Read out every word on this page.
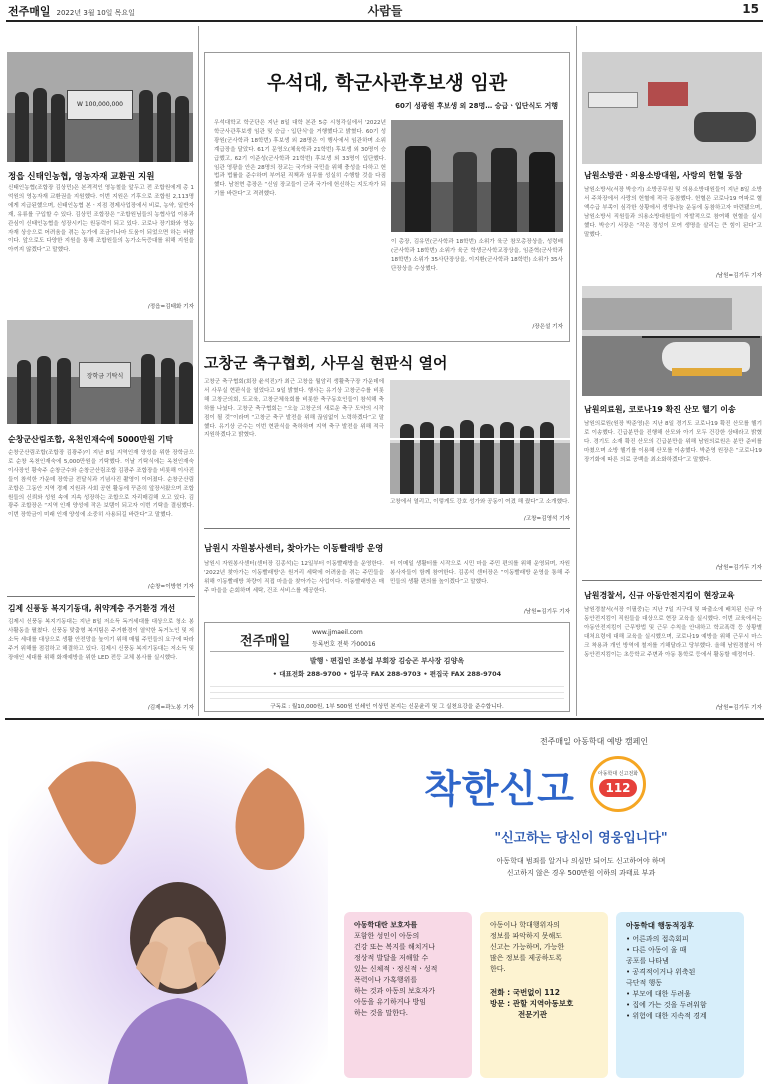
전주매일 2022년 3월 10일 목요일	사람들	15
W 100,000,000
정읍 신태인농협, 영농자재 교환권 지원
신태인농협(조합장 김상민)은 본격적인 영농철을 앞두고 전 조합원에게 총 1억원의 영농자재 교환권을 지원했다. 이번 지원은 기후으로 조합원 2,113명에게 지급된했으며, 신태인농협 본ㆍ지점 경제사업장에서 비료, 농약, 일반자재, 유류를 구입할 수 있다. 김상민 조합장은 “조합원님들의 농협사업 이용과 관심이 신태인농협을 성장시키는 원동력이 되고 있다. 코로나 장기화와 영농자재 상승으로 어려움을 겪는 농가에 조금이나마 도움이 되었으면 하는 바람이다. 앞으로도 다양한 지원을 통해 조합원들의 농가소득증대를 위해 지원을 아끼지 않겠다”고 말했다.
/정읍=김태화 기자
장학금 기탁식
순창군산림조합, 옥천인재숙에 5000만원 기탁
순창군산림조합(조합장 김광주)이 지난 8일 지역인재 양성을 위한 장학금으로 순창 옥천인재숙에 5,000만원을 기탁했다. 이날 기탁식에는 옥천인재숙 이사장인 황숙주 순창군수와 순창군산림조합 김광주 조합장을 비롯해 이사진들이 참석한 가운데 장학금 전달식과 기념사진 촬영이 이어졌다. 순창군산림조합은 그동안 지역 경제 지원과 사회 공헌 활동에 꾸준히 앞장서왔으며 조합원들의 신뢰와 성원 속에 지속 성장하는 조합으로 자리매김해 오고 있다. 김광주 조합장은 “지역 인재 양성에 작은 보탬이 되고자 이번 기탁을 결심했다. 이번 장학금이 미래 인재 양성에 소중히 사용되길 바란다”고 말했다.
/순창=이방현 기자
김제 신풍동 복지기동대, 취약계층 주거환경 개선
김제시 신풍동 복지기동대는 지난 8일 저소득 독거세대를 대상으로 청소 봉사활동을 펼쳤다. 신풍동 맞춤형 복지팀은 주거환경이 열악한 독거노인 및 저소득 세대를 대상으로 생활 안전망을 높이기 위해 매월 주민들의 요구에 따라 주거 위해를 점검하고 해결하고 있다. 김제시 신풍동 복지기동대는 저소득 및 장애인 세대를 위해 화재예방을 위한 LED 전등 교체 봉사를 실시했다.
/김제=곽노봉 기자
우석대, 학군사관후보생 임관
60기 성광원 후보생 외 28명… 승급ㆍ입단식도 거행
우석대학교 학군단은 지난 8일 대학 본관 5층 시청각실에서 '2022년 학군사관후보생 임관 및 승급ㆍ입단식'을 거행했다고 밝혔다. 60기 성광원(군사학과 18학번) 후보생 외 28명은 이 행사에서 임관하며 소위 계급장을 달았다. 61기 문영오(체육학과 21학번) 후보생 외 30명이 승급했고, 62기 이준성(군사학과 21학번) 후보생 외 33명이 입단했다. 임관 영광을 안은 28명의 장교는 국가와 국민을 위해 충성을 다하고 헌법과 법률을 준수하며 부여된 직책과 임무를 성실히 수행할 것을 다짐했다. 남천현 총장은 “신임 장교들이 군과 국가에 헌신하는 지도자가 되기를 바란다”고 격려했다.
이 총장, 김유민(군사학과 18학번) 소위가 육군 참모총장상을, 성령배(군사학과 18학번) 소위가 육군 학생군사학교장상을, 임준혁(군사학과 18학번) 소위가 35사단장상을, 이지환(군사학과 18학번) 소위가 35사단장상을 수상했다.
/장은설 기자
고창군 축구협회, 사무실 현판식 열어
고창군 축구협회(회장 윤석진)가 최근 고창읍 월암리 생활축구장 가운데에서 사무실 현판식을 열었다고 9일 밝혔다. 행사는 유기상 고창군수를 비롯해 고창군의회, 도교육, 고창군체육회를 비롯한 축구동호인들이 참석해 축하를 나눴다. 고창군 축구협회는 “오늘 고창군의 새로운 축구 도약의 시작점이 될 것”이라며 “고창군 축구 발전을 위해 끊임없이 노력하겠다”고 말했다. 유기상 군수는 이번 현판식을 축하하며 지역 축구 발전을 위해 적극 지원하겠다고 밝혔다.
고창에서 열리고, 이렇게도 강호 성가와 공동이 여겼 해 줬다”고 소개했다.
/고창=김영석 기자
남원시 자원봉사센터, 찾아가는 이동빨래방 운영
남원시 자원봉사센터(센터장 김종석)는 12일부터 이동빨래방을 운영한다. '2022년 찾아가는 이동빨래방'은 원거리 세탁에 어려움을 겪는 주민들을 위해 이동빨래방 차량이 직접 마을을 찾아가는 사업이다. 이동빨래방은 매주 마을을 순회하며 세탁, 건조 서비스를 제공한다.
터 이메일 생활터를 시작으로 시민 마을 주민 편의를 위해 운영되며, 자원봉사자들이 함께 참여한다. 김종석 센터장은 “이동빨래방 운영을 통해 주민들의 생활 편의를 높이겠다”고 말했다.
/남원=김기두 기자
전주매일
www.jjmaeil.com
등록번호 전북 가00016
발행ㆍ편집인 조봉섭 부회장 김승곤 부사장 김양옥
• 대표전화 288-9700 • 업무국 FAX 288-9703 • 편집국 FAX 288-9704
구독료 : 월10,000원, 1부 500원 인쇄인 이상민 본지는 신문윤리 및 그 실천요강을 준수합니다.
남원소방관ㆍ의용소방대원, 사랑의 헌혈 동참
남원소방서(서장 박승기) 소방공무원 및 의용소방대원들이 지난 8일 소방서 주차장에서 사랑의 헌혈에 적극 동참했다. 헌혈은 코로나19 여파로 혈액수급 부족이 심각한 상황에서 생명나눔 운동에 동참하고자 마련됐으며, 남원소방서 직원들과 의용소방대원들이 자발적으로 참여해 헌혈을 실시했다. 박승기 서장은 “작은 정성이 모여 생명을 살리는 큰 힘이 된다”고 말했다.
/남원=김기두 기자
남원의료원, 코로나19 확진 산모 헬기 이송
남원의료원(원장 박준영)은 지난 8일 경기도 코로나19 확진 산모를 헬기로 이송했다. 긴급분만을 진행해 산모와 아기 모두 건강한 상태라고 밝혔다. 경기도 소재 확진 산모의 긴급분만을 위해 남원의료원은 분만 준비를 마쳤으며 소방 헬기를 이용해 산모를 이송했다. 박준영 원장은 “코로나19 장기화에 따른 의료 공백을 최소화하겠다”고 말했다.
/남원=김기두 기자
남원경찰서, 신규 아동안전지킴이 현장교육
남원경찰서(서장 이필중)는 지난 7일 지구대 및 파출소에 배치된 신규 아동안전지킴이 직원들을 대상으로 현장 교육을 실시했다. 이번 교육에서는 아동안전지킴이 근무방법 및 근무 수칙을 안내하고 학교폭력 등 상황별 대처요령에 대해 교육을 실시했으며, 코로나19 예방을 위해 근무시 마스크 착용과 개인 방역에 철저를 기해달라고 당부했다. 올해 남원경찰서 아동안전지킴이는 초등학교 주변과 아동 통학로 등에서 활동할 예정이다.
/남원=김기두 기자
전주매일 아동학대 예방 캠페인
착한신고	아동학대 신고전화
112
"신고하는 당신이 영웅입니다"
아동학대 범죄를 알거나 의심만 되어도 신고하여야 하며
신고하지 않은 경우 500만원 이하의 과태료 부과
아동학대란 보호자를
포함한 성인이 아동의
건강 또는 복지를 해치거나
정상적 발달을 저해할 수
있는 신체적ㆍ정신적ㆍ성적
폭력이나 가혹행위를
하는 것과 아동의 보호자가
아동을 유기하거나 방임
하는 것을 말한다.
아동이나 학대행위자의
정보를 파악하지 못해도
신고는 가능하며, 가능한
많은 정보를 제공하도록
한다.
전화 : 국번없이 112
방문 : 관할 지역아동보호
전문기관
아동학대 행동적징후
• 어른과의 접촉회피
• 다른 아동이 울 때
공포를 나타냄
• 공격적이거나 위축된
극단적 행동
• 부모에 대한 두려움
• 집에 가는 것을 두려워함
• 위험에 대한 지속적 경계
